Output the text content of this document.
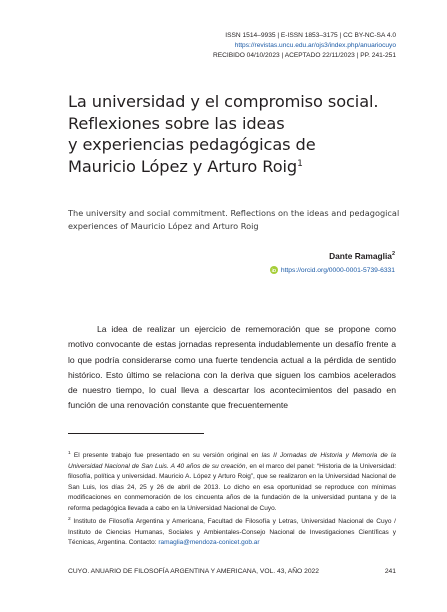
ISSN 1514–9935 | E-ISSN 1853–3175 | CC BY-NC-SA 4.0
https://revistas.uncu.edu.ar/ojs3/index.php/anuariocuyo
RECIBIDO 04/10/2023 | ACEPTADO 22/11/2023 | PP. 241-251
La universidad y el compromiso social.
Reflexiones sobre las ideas
y experiencias pedagógicas de
Mauricio López y Arturo Roig$^1$

The university and social commitment. Reflections on the ideas and pedagogical experiences of Mauricio López and Arturo Roig

Dante Ramaglia$^2$
iD https://orcid.org/0000-0001-5739-6331

La idea de realizar un ejercicio de rememoración que se propone como motivo convocante de estas jornadas representa indudablemente un desafío frente a lo que podría considerarse como una fuerte tendencia actual a la pérdida de sentido histórico. Esto último se relaciona con la deriva que siguen los cambios acelerados de nuestro tiempo, lo cual lleva a descartar los acontecimientos del pasado en función de una renovación constante que frecuentemente

$^1$ El presente trabajo fue presentado en su versión original en las II Jornadas de Historia y Memoria de la Universidad Nacional de San Luis. A 40 años de su creación, en el marco del panel: “Historia de la Universidad: filosofía, política y universidad. Mauricio A. López y Arturo Roig”, que se realizaron en la Universidad Nacional de San Luis, los días 24, 25 y 26 de abril de 2013. Lo dicho en esa oportunidad se reproduce con mínimas modificaciones en conmemoración de los cincuenta años de la fundación de la universidad puntana y de la reforma pedagógica llevada a cabo en la Universidad Nacional de Cuyo.

$^2$ Instituto de Filosofía Argentina y Americana, Facultad de Filosofía y Letras, Universidad Nacional de Cuyo / Instituto de Ciencias Humanas, Sociales y Ambientales-Consejo Nacional de Investigaciones Científicas y Técnicas, Argentina. Contacto: ramaglia@mendoza-conicet.gob.ar

CUYO. ANUARIO DE FILOSOFÍA ARGENTINA Y AMERICANA, VOL. 43, AÑO 2022	241
